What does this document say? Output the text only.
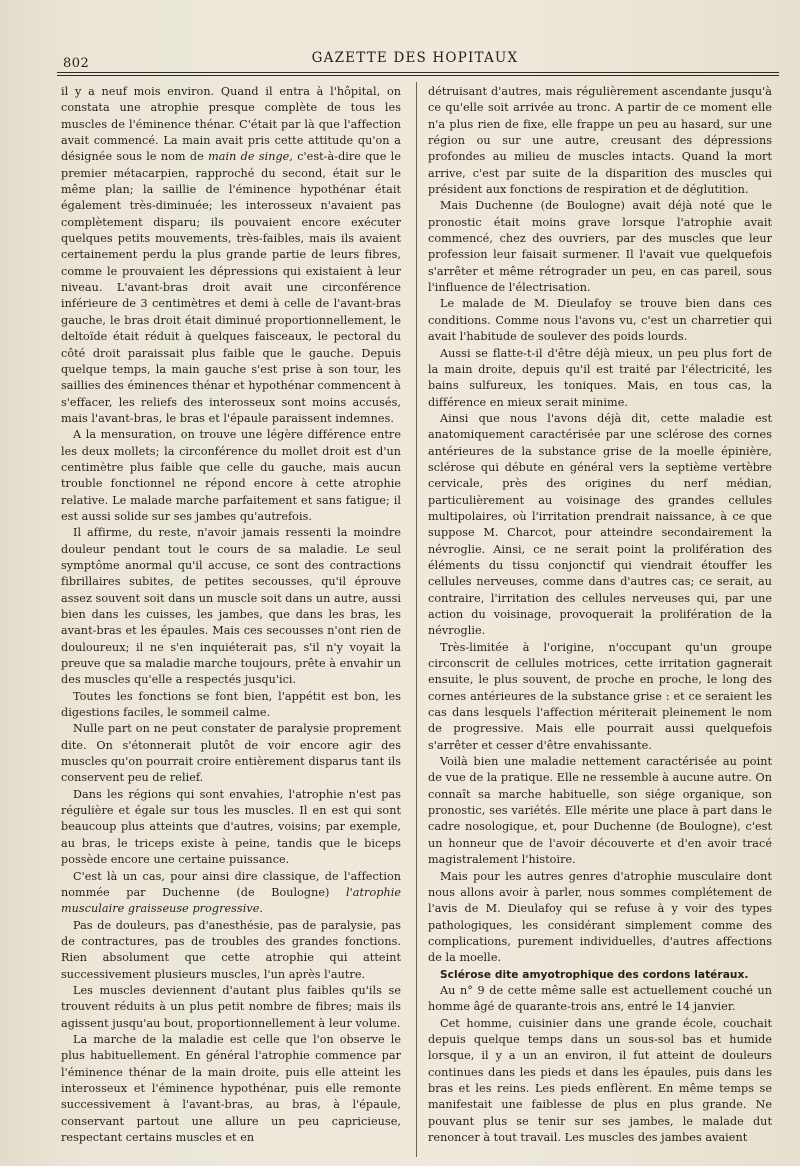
802	GAZETTE DES HOPITAUX

il y a neuf mois environ. Quand il entra à l'hôpital, on constata une atrophie presque complète de tous les muscles de l'éminence thénar. C'était par là que l'affection avait commencé. La main avait pris cette attitude qu'on a désignée sous le nom de main de singe, c'est-à-dire que le premier métacarpien, rapproché du second, était sur le même plan; la saillie de l'éminence hypothénar était également très-diminuée; les interosseux n'avaient pas complètement disparu; ils pouvaient encore exécuter quelques petits mouvements, très-faibles, mais ils avaient certainement perdu la plus grande partie de leurs fibres, comme le prouvaient les dépressions qui existaient à leur niveau. L'avant-bras droit avait une circonférence inférieure de 3 centimètres et demi à celle de l'avant-bras gauche, le bras droit était diminué proportionnellement, le deltoïde était réduit à quelques faisceaux, le pectoral du côté droit paraissait plus faible que le gauche. Depuis quelque temps, la main gauche s'est prise à son tour, les saillies des éminences thénar et hypothénar commencent à s'effacer, les reliefs des interosseux sont moins accusés, mais l'avant-bras, le bras et l'épaule paraissent indemnes.

A la mensuration, on trouve une légère différence entre les deux mollets; la circonférence du mollet droit est d'un centimètre plus faible que celle du gauche, mais aucun trouble fonctionnel ne répond encore à cette atrophie relative. Le malade marche parfaitement et sans fatigue; il est aussi solide sur ses jambes qu'autrefois.

Il affirme, du reste, n'avoir jamais ressenti la moindre douleur pendant tout le cours de sa maladie. Le seul symptôme anormal qu'il accuse, ce sont des contractions fibrillaires subites, de petites secousses, qu'il éprouve assez souvent soit dans un muscle soit dans un autre, aussi bien dans les cuisses, les jambes, que dans les bras, les avant-bras et les épaules. Mais ces secousses n'ont rien de douloureux; il ne s'en inquiéterait pas, s'il n'y voyait la preuve que sa maladie marche toujours, prête à envahir un des muscles qu'elle a respectés jusqu'ici.

Toutes les fonctions se font bien, l'appétit est bon, les digestions faciles, le sommeil calme.

Nulle part on ne peut constater de paralysie proprement dite. On s'étonnerait plutôt de voir encore agir des muscles qu'on pourrait croire entièrement disparus tant ils conservent peu de relief.

Dans les régions qui sont envahies, l'atrophie n'est pas régulière et égale sur tous les muscles. Il en est qui sont beaucoup plus atteints que d'autres, voisins; par exemple, au bras, le triceps existe à peine, tandis que le biceps possède encore une certaine puissance.

C'est là un cas, pour ainsi dire classique, de l'affection nommée par Duchenne (de Boulogne) l'atrophie musculaire graisseuse progressive.

Pas de douleurs, pas d'anesthésie, pas de paralysie, pas de contractures, pas de troubles des grandes fonctions. Rien absolument que cette atrophie qui atteint successivement plusieurs muscles, l'un après l'autre.

Les muscles deviennent d'autant plus faibles qu'ils se trouvent réduits à un plus petit nombre de fibres; mais ils agissent jusqu'au bout, proportionnellement à leur volume.

La marche de la maladie est celle que l'on observe le plus habituellement. En général l'atrophie commence par l'éminence thénar de la main droite, puis elle atteint les interosseux et l'éminence hypothénar, puis elle remonte successivement à l'avant-bras, au bras, à l'épaule, conservant partout une allure un peu capricieuse, respectant certains muscles et en

détruisant d'autres, mais régulièrement ascendante jusqu'à ce qu'elle soit arrivée au tronc. A partir de ce moment elle n'a plus rien de fixe, elle frappe un peu au hasard, sur une région ou sur une autre, creusant des dépressions profondes au milieu de muscles intacts. Quand la mort arrive, c'est par suite de la disparition des muscles qui président aux fonctions de respiration et de déglutition.

Mais Duchenne (de Boulogne) avait déjà noté que le pronostic était moins grave lorsque l'atrophie avait commencé, chez des ouvriers, par des muscles que leur profession leur faisait surmener. Il l'avait vue quelquefois s'arrêter et même rétrograder un peu, en cas pareil, sous l'influence de l'électrisation.

Le malade de M. Dieulafoy se trouve bien dans ces conditions. Comme nous l'avons vu, c'est un charretier qui avait l'habitude de soulever des poids lourds.

Aussi se flatte-t-il d'être déjà mieux, un peu plus fort de la main droite, depuis qu'il est traité par l'électricité, les bains sulfureux, les toniques. Mais, en tous cas, la différence en mieux serait minime.

Ainsi que nous l'avons déjà dit, cette maladie est anatomiquement caractérisée par une sclérose des cornes antérieures de la substance grise de la moelle épinière, sclérose qui débute en général vers la septième vertèbre cervicale, près des origines du nerf médian, particulièrement au voisinage des grandes cellules multipolaires, où l'irritation prendrait naissance, à ce que suppose M. Charcot, pour atteindre secondairement la névroglie. Ainsi, ce ne serait point la prolifération des éléments du tissu conjonctif qui viendrait étouffer les cellules nerveuses, comme dans d'autres cas; ce serait, au contraire, l'irritation des cellules nerveuses qui, par une action du voisinage, provoquerait la prolifération de la névroglie.

Très-limitée à l'origine, n'occupant qu'un groupe circonscrit de cellules motrices, cette irritation gagnerait ensuite, le plus souvent, de proche en proche, le long des cornes antérieures de la substance grise : et ce seraient les cas dans lesquels l'affection mériterait pleinement le nom de progressive. Mais elle pourrait aussi quelquefois s'arrêter et cesser d'être envahissante.

Voilà bien une maladie nettement caractérisée au point de vue de la pratique. Elle ne ressemble à aucune autre. On connaît sa marche habituelle, son siége organique, son pronostic, ses variétés. Elle mérite une place à part dans le cadre nosologique, et, pour Duchenne (de Boulogne), c'est un honneur que de l'avoir découverte et d'en avoir tracé magistralement l'histoire.

Mais pour les autres genres d'atrophie musculaire dont nous allons avoir à parler, nous sommes complétement de l'avis de M. Dieulafoy qui se refuse à y voir des types pathologiques, les considérant simplement comme des complications, purement individuelles, d'autres affections de la moelle.

Sclérose dite amyotrophique des cordons latéraux.

Au n° 9 de cette même salle est actuellement couché un homme âgé de quarante-trois ans, entré le 14 janvier.

Cet homme, cuisinier dans une grande école, couchait depuis quelque temps dans un sous-sol bas et humide lorsque, il y a un an environ, il fut atteint de douleurs continues dans les pieds et dans les épaules, puis dans les bras et les reins. Les pieds enflèrent. En même temps se manifestait une faiblesse de plus en plus grande. Ne pouvant plus se tenir sur ses jambes, le malade dut renoncer à tout travail. Les muscles des jambes avaient
